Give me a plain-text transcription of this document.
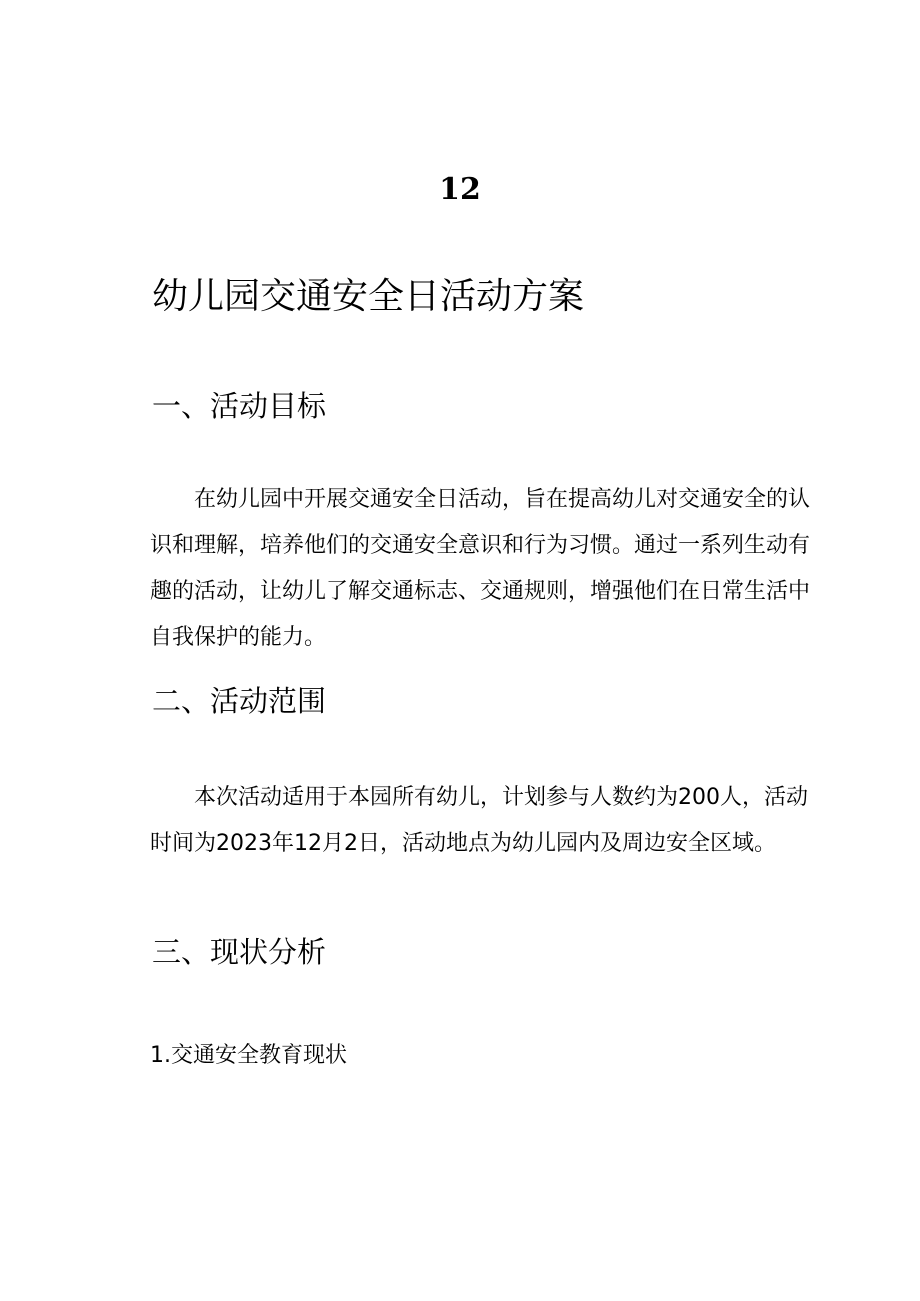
12
幼儿园交通安全日活动方案
一、活动目标

　　在幼儿园中开展交通安全日活动，旨在提高幼儿对交通安全的认识和理解，培养他们的交通安全意识和行为习惯。通过一系列生动有趣的活动，让幼儿了解交通标志、交通规则，增强他们在日常生活中自我保护的能力。

二、活动范围

　　本次活动适用于本园所有幼儿，计划参与人数约为200人，活动时间为2023年12月2日，活动地点为幼儿园内及周边安全区域。

三、现状分析

1.交通安全教育现状
